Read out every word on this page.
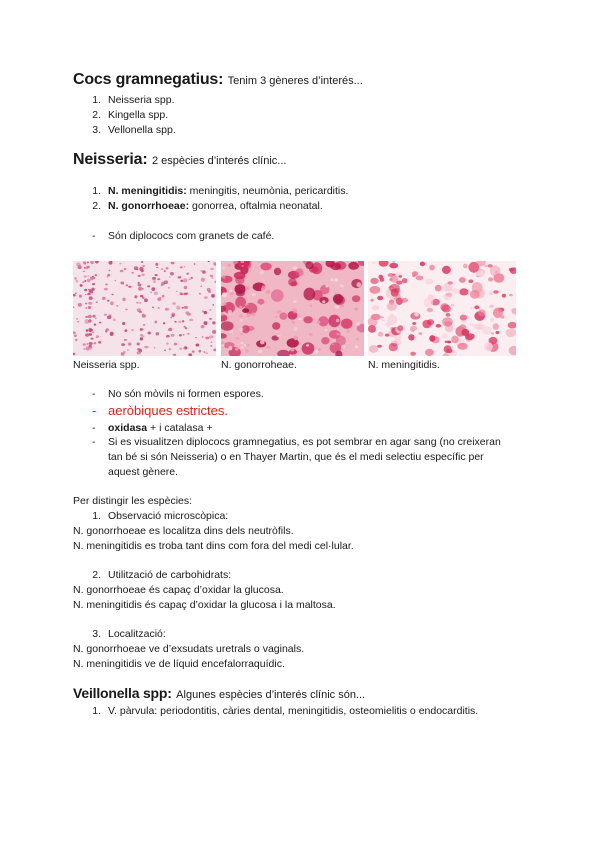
Cocs gramnegatius: Tenim 3 gèneres d’interés...
1. Neisseria spp.
2. Kingella spp.
3. Vellonella spp.
Neisseria: 2 espècies d’interés clínic...
1. N. meningitidis: meningitis, neumònia, pericarditis.
2. N. gonorrhoeae: gonorrea, oftalmia neonatal.
- Són diplococs com granets de café.
Neisseria spp.	N. gonorroheae.	N. meningitidis.
- No són mòvils ni formen espores.
- aeròbiques estrictes.
- oxidasa + i catalasa +
-	Si es visualitzen diplococs gramnegatius, es pot sembrar en agar sang (no creixeran
tan bé si són Neisseria) o en Thayer Martin, que és el medi selectiu específic per
aquest gènere.
Per distingir les espècies:
1. Observació microscòpica:
N. gonorrhoeae es localitza dins dels neutròfils.
N. meningitidis es troba tant dins com fora del medi cel·lular.
2. Utilització de carbohidrats:
N. gonorrhoeae és capaç d’oxidar la glucosa.
N. meningitidis és capaç d’oxidar la glucosa i la maltosa.
3. Localització:
N. gonorrhoeae ve d’exsudats uretrals o vaginals.
N. meningitidis ve de líquid encefalorraquídic.
Veillonella spp: Algunes espècies d’interés clínic són...
1. V. pàrvula: periodontitis, càries dental, meningitidis, osteomielitis o endocarditis.
